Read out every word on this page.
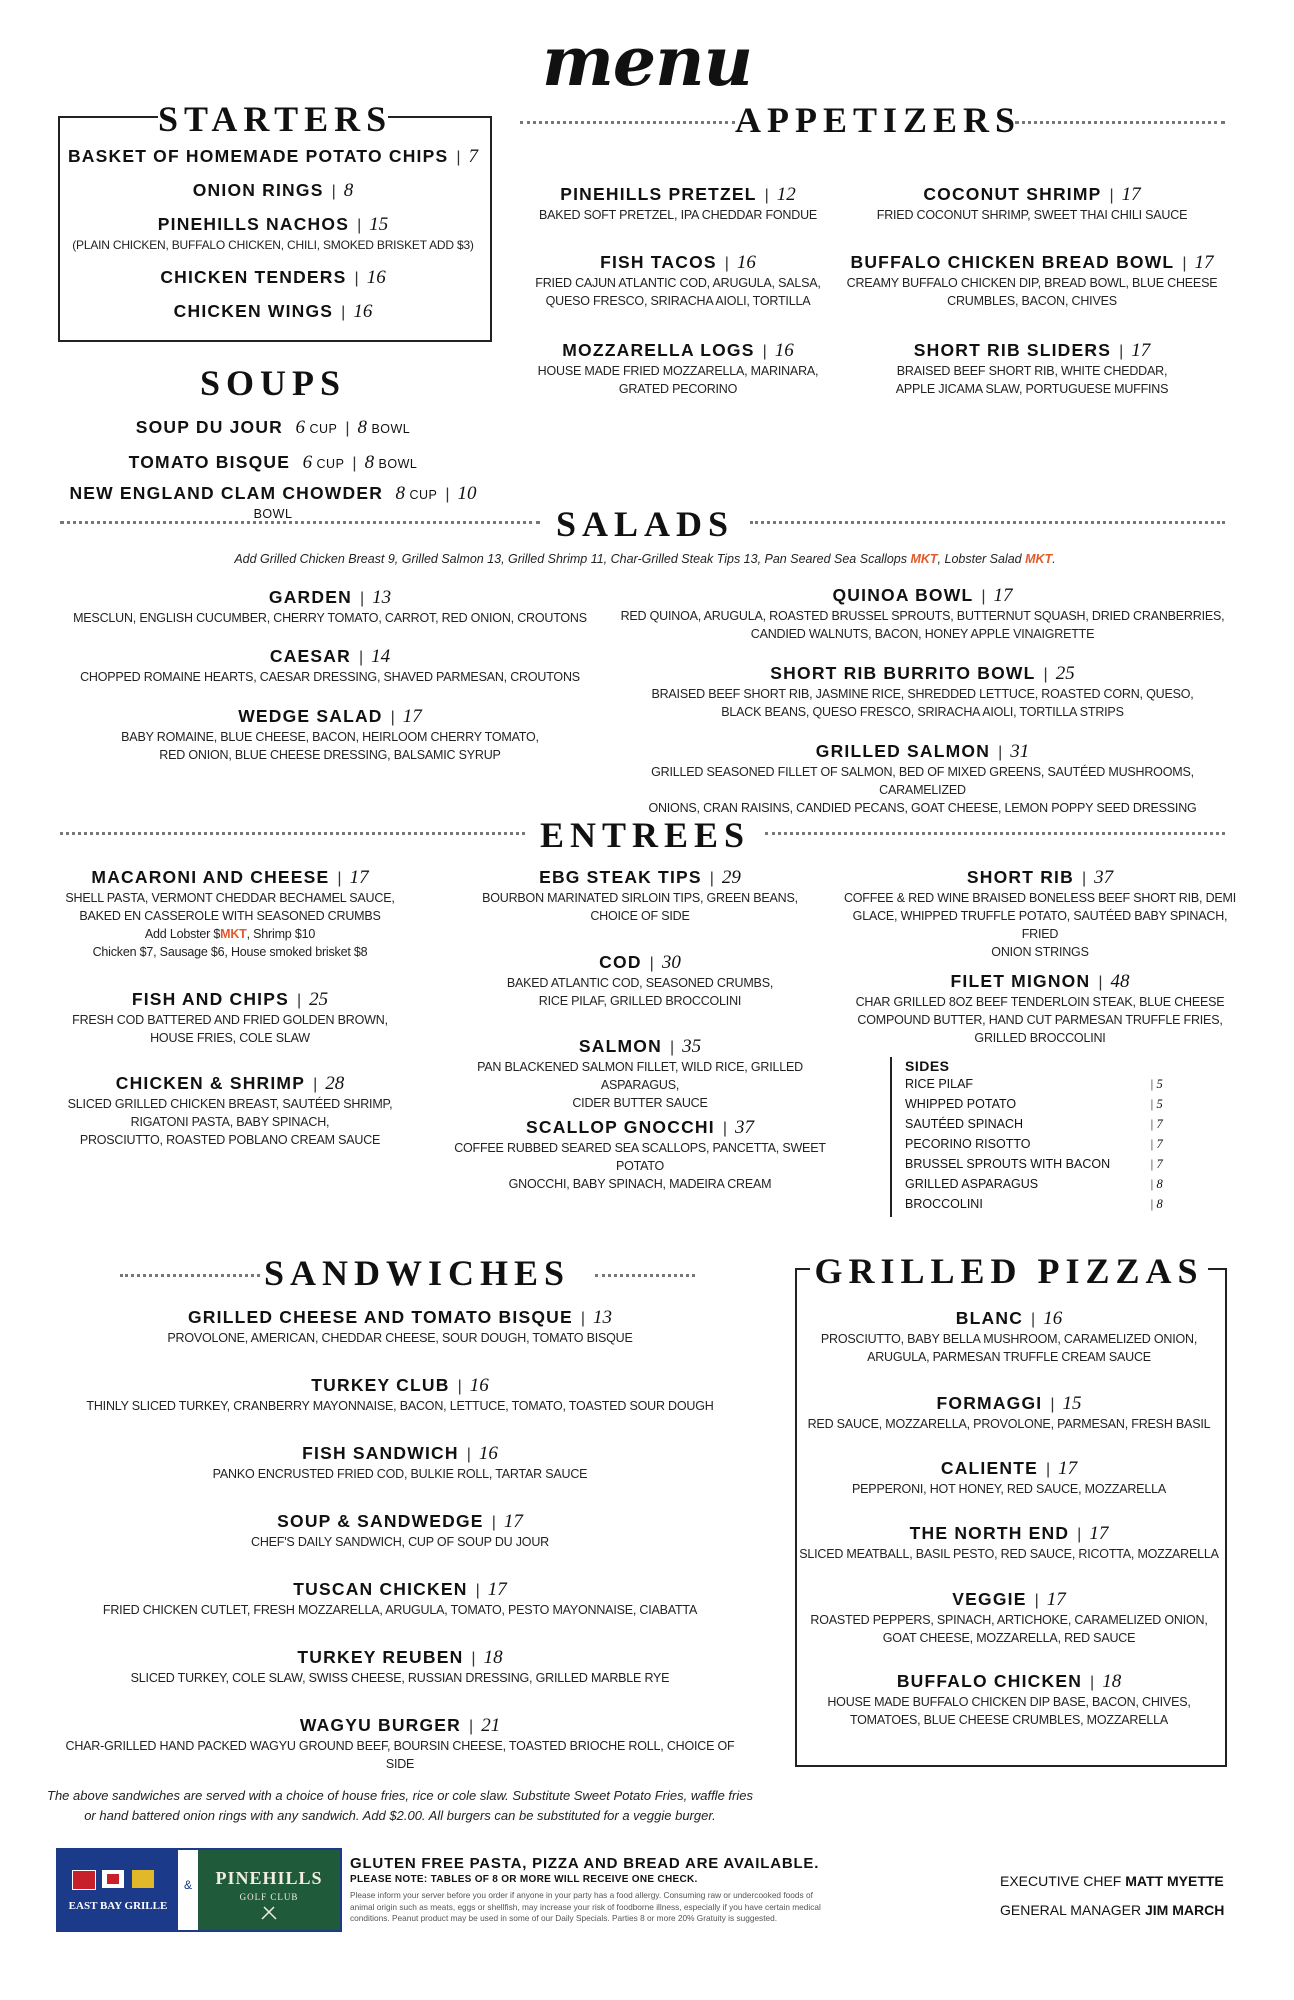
menu
STARTERS
BASKET OF HOMEMADE POTATO CHIPS | 7
ONION RINGS | 8
PINEHILLS NACHOS | 15
(PLAIN CHICKEN, BUFFALO CHICKEN, CHILI, SMOKED BRISKET ADD $3)
CHICKEN TENDERS | 16
CHICKEN WINGS | 16
SOUPS
SOUP DU JOUR 6 CUP | 8 BOWL
TOMATO BISQUE 6 CUP | 8 BOWL
NEW ENGLAND CLAM CHOWDER 8 CUP | 10 BOWL
APPETIZERS
PINEHILLS PRETZEL | 12
BAKED SOFT PRETZEL, IPA CHEDDAR FONDUE
COCONUT SHRIMP | 17
FRIED COCONUT SHRIMP, SWEET THAI CHILI SAUCE
FISH TACOS | 16
FRIED CAJUN ATLANTIC COD, ARUGULA, SALSA,
QUESO FRESCO, SRIRACHA AIOLI, TORTILLA
BUFFALO CHICKEN BREAD BOWL | 17
CREAMY BUFFALO CHICKEN DIP, BREAD BOWL, BLUE CHEESE
CRUMBLES, BACON, CHIVES
MOZZARELLA LOGS | 16
HOUSE MADE FRIED MOZZARELLA, MARINARA,
GRATED PECORINO
SHORT RIB SLIDERS | 17
BRAISED BEEF SHORT RIB, WHITE CHEDDAR,
APPLE JICAMA SLAW, PORTUGUESE MUFFINS
SALADS
Add Grilled Chicken Breast 9, Grilled Salmon 13, Grilled Shrimp 11, Char-Grilled Steak Tips 13, Pan Seared Sea Scallops MKT, Lobster Salad MKT.
GARDEN | 13
MESCLUN, ENGLISH CUCUMBER, CHERRY TOMATO, CARROT, RED ONION, CROUTONS
CAESAR | 14
CHOPPED ROMAINE HEARTS, CAESAR DRESSING, SHAVED PARMESAN, CROUTONS
WEDGE SALAD | 17
BABY ROMAINE, BLUE CHEESE, BACON, HEIRLOOM CHERRY TOMATO,
RED ONION, BLUE CHEESE DRESSING, BALSAMIC SYRUP
QUINOA BOWL | 17
RED QUINOA, ARUGULA, ROASTED BRUSSEL SPROUTS, BUTTERNUT SQUASH, DRIED CRANBERRIES,
CANDIED WALNUTS, BACON, HONEY APPLE VINAIGRETTE
SHORT RIB BURRITO BOWL | 25
BRAISED BEEF SHORT RIB, JASMINE RICE, SHREDDED LETTUCE, ROASTED CORN, QUESO,
BLACK BEANS, QUESO FRESCO, SRIRACHA AIOLI, TORTILLA STRIPS
GRILLED SALMON | 31
GRILLED SEASONED FILLET OF SALMON, BED OF MIXED GREENS, SAUTÉED MUSHROOMS, CARAMELIZED
ONIONS, CRAN RAISINS, CANDIED PECANS, GOAT CHEESE, LEMON POPPY SEED DRESSING
ENTREES
MACARONI AND CHEESE | 17
SHELL PASTA, VERMONT CHEDDAR BECHAMEL SAUCE,
BAKED EN CASSEROLE WITH SEASONED CRUMBS
Add Lobster $MKT, Shrimp $10
Chicken $7, Sausage $6, House smoked brisket $8
FISH AND CHIPS | 25
FRESH COD BATTERED AND FRIED GOLDEN BROWN,
HOUSE FRIES, COLE SLAW
CHICKEN & SHRIMP | 28
SLICED GRILLED CHICKEN BREAST, SAUTÉED SHRIMP,
RIGATONI PASTA, BABY SPINACH,
PROSCIUTTO, ROASTED POBLANO CREAM SAUCE
EBG STEAK TIPS | 29
BOURBON MARINATED SIRLOIN TIPS, GREEN BEANS,
CHOICE OF SIDE
COD | 30
BAKED ATLANTIC COD, SEASONED CRUMBS,
RICE PILAF, GRILLED BROCCOLINI
SALMON | 35
PAN BLACKENED SALMON FILLET, WILD RICE, GRILLED ASPARAGUS,
CIDER BUTTER SAUCE
SCALLOP GNOCCHI | 37
COFFEE RUBBED SEARED SEA SCALLOPS, PANCETTA, SWEET POTATO
GNOCCHI, BABY SPINACH, MADEIRA CREAM
SHORT RIB | 37
COFFEE & RED WINE BRAISED BONELESS BEEF SHORT RIB, DEMI
GLACE, WHIPPED TRUFFLE POTATO, SAUTÉED BABY SPINACH, FRIED
ONION STRINGS
FILET MIGNON | 48
CHAR GRILLED 8OZ BEEF TENDERLOIN STEAK, BLUE CHEESE
COMPOUND BUTTER, HAND CUT PARMESAN TRUFFLE FRIES,
GRILLED BROCCOLINI
SIDES
RICE PILAF	| 5
WHIPPED POTATO	| 5
SAUTÉED SPINACH	| 7
PECORINO RISOTTO	| 7
BRUSSEL SPROUTS WITH BACON	| 7
GRILLED ASPARAGUS	| 8
BROCCOLINI	| 8
SANDWICHES
GRILLED CHEESE AND TOMATO BISQUE | 13
PROVOLONE, AMERICAN, CHEDDAR CHEESE, SOUR DOUGH, TOMATO BISQUE
TURKEY CLUB | 16
THINLY SLICED TURKEY, CRANBERRY MAYONNAISE, BACON, LETTUCE, TOMATO, TOASTED SOUR DOUGH
FISH SANDWICH | 16
PANKO ENCRUSTED FRIED COD, BULKIE ROLL, TARTAR SAUCE
SOUP & SANDWEDGE | 17
CHEF'S DAILY SANDWICH, CUP OF SOUP DU JOUR
TUSCAN CHICKEN | 17
FRIED CHICKEN CUTLET, FRESH MOZZARELLA, ARUGULA, TOMATO, PESTO MAYONNAISE, CIABATTA
TURKEY REUBEN | 18
SLICED TURKEY, COLE SLAW, SWISS CHEESE, RUSSIAN DRESSING, GRILLED MARBLE RYE
WAGYU BURGER | 21
CHAR-GRILLED HAND PACKED WAGYU GROUND BEEF, BOURSIN CHEESE, TOASTED BRIOCHE ROLL, CHOICE OF SIDE
The above sandwiches are served with a choice of house fries, rice or cole slaw. Substitute Sweet Potato Fries, waffle fries
or hand battered onion rings with any sandwich. Add $2.00. All burgers can be substituted for a veggie burger.
GRILLED PIZZAS
BLANC | 16
PROSCIUTTO, BABY BELLA MUSHROOM, CARAMELIZED ONION,
ARUGULA, PARMESAN TRUFFLE CREAM SAUCE
FORMAGGI | 15
RED SAUCE, MOZZARELLA, PROVOLONE, PARMESAN, FRESH BASIL
CALIENTE | 17
PEPPERONI, HOT HONEY, RED SAUCE, MOZZARELLA
THE NORTH END | 17
SLICED MEATBALL, BASIL PESTO, RED SAUCE, RICOTTA, MOZZARELLA
VEGGIE | 17
ROASTED PEPPERS, SPINACH, ARTICHOKE, CARAMELIZED ONION,
GOAT CHEESE, MOZZARELLA, RED SAUCE
BUFFALO CHICKEN | 18
HOUSE MADE BUFFALO CHICKEN DIP BASE, BACON, CHIVES,
TOMATOES, BLUE CHEESE CRUMBLES, MOZZARELLA
EAST BAY GRILLE
&	PINEHILLS
GOLF CLUB
GLUTEN FREE PASTA, PIZZA AND BREAD ARE AVAILABLE.
PLEASE NOTE: TABLES OF 8 OR MORE WILL RECEIVE ONE CHECK.
Please inform your server before you order if anyone in your party has a food allergy. Consuming raw or undercooked foods of
animal origin such as meats, eggs or shellfish, may increase your risk of foodborne illness, especially if you have certain medical
conditions. Peanut product may be used in some of our Daily Specials. Parties 8 or more 20% Gratuity is suggested.
EXECUTIVE CHEF MATT MYETTE
GENERAL MANAGER JIM MARCH
